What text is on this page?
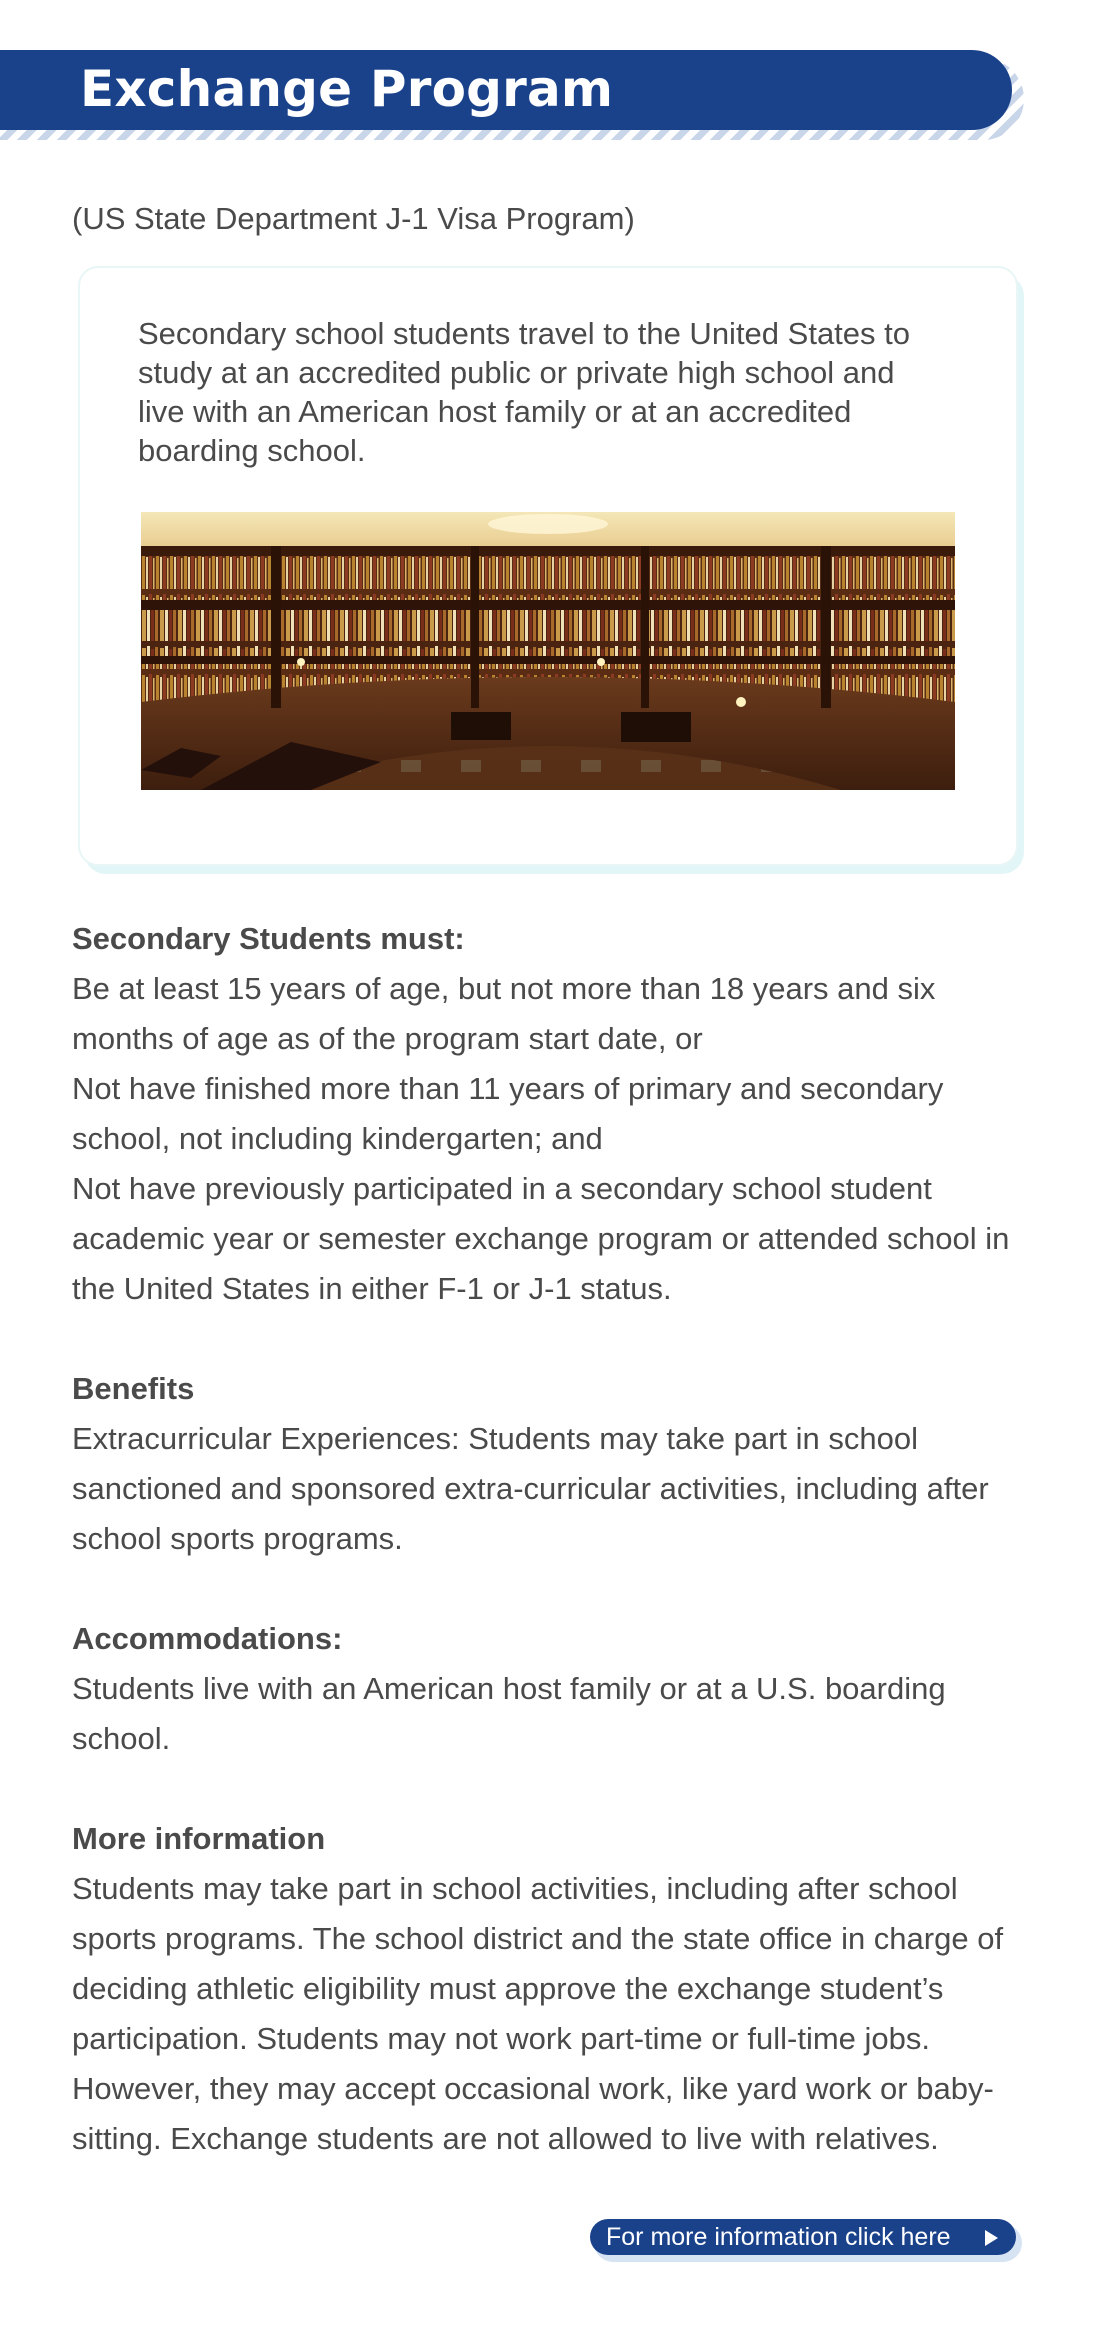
Exchange Program
(US State Department J-1 Visa Program)

Secondary school students travel to the United States to study at an accredited public or private high school and live with an American host family or at an accredited boarding school.

Secondary Students must:
Be at least 15 years of age, but not more than 18 years and six months of age as of the program start date, or
Not have finished more than 11 years of primary and secondary school, not including kindergarten; and
Not have previously participated in a secondary school student academic year or semester exchange program or attended school in the United States in either F-1 or J-1 status.
Benefits
Extracurricular Experiences: Students may take part in school sanctioned and sponsored extra-curricular activities, including after school sports programs.
Accommodations:
Students live with an American host family or at a U.S. boarding school.
More information
Students may take part in school activities, including after school sports programs. The school district and the state office in charge of deciding athletic eligibility must approve the exchange student’s participation. Students may not work part-time or full-time jobs. However, they may accept occasional work, like yard work or baby-sitting. Exchange students are not allowed to live with relatives.
For more information click here
